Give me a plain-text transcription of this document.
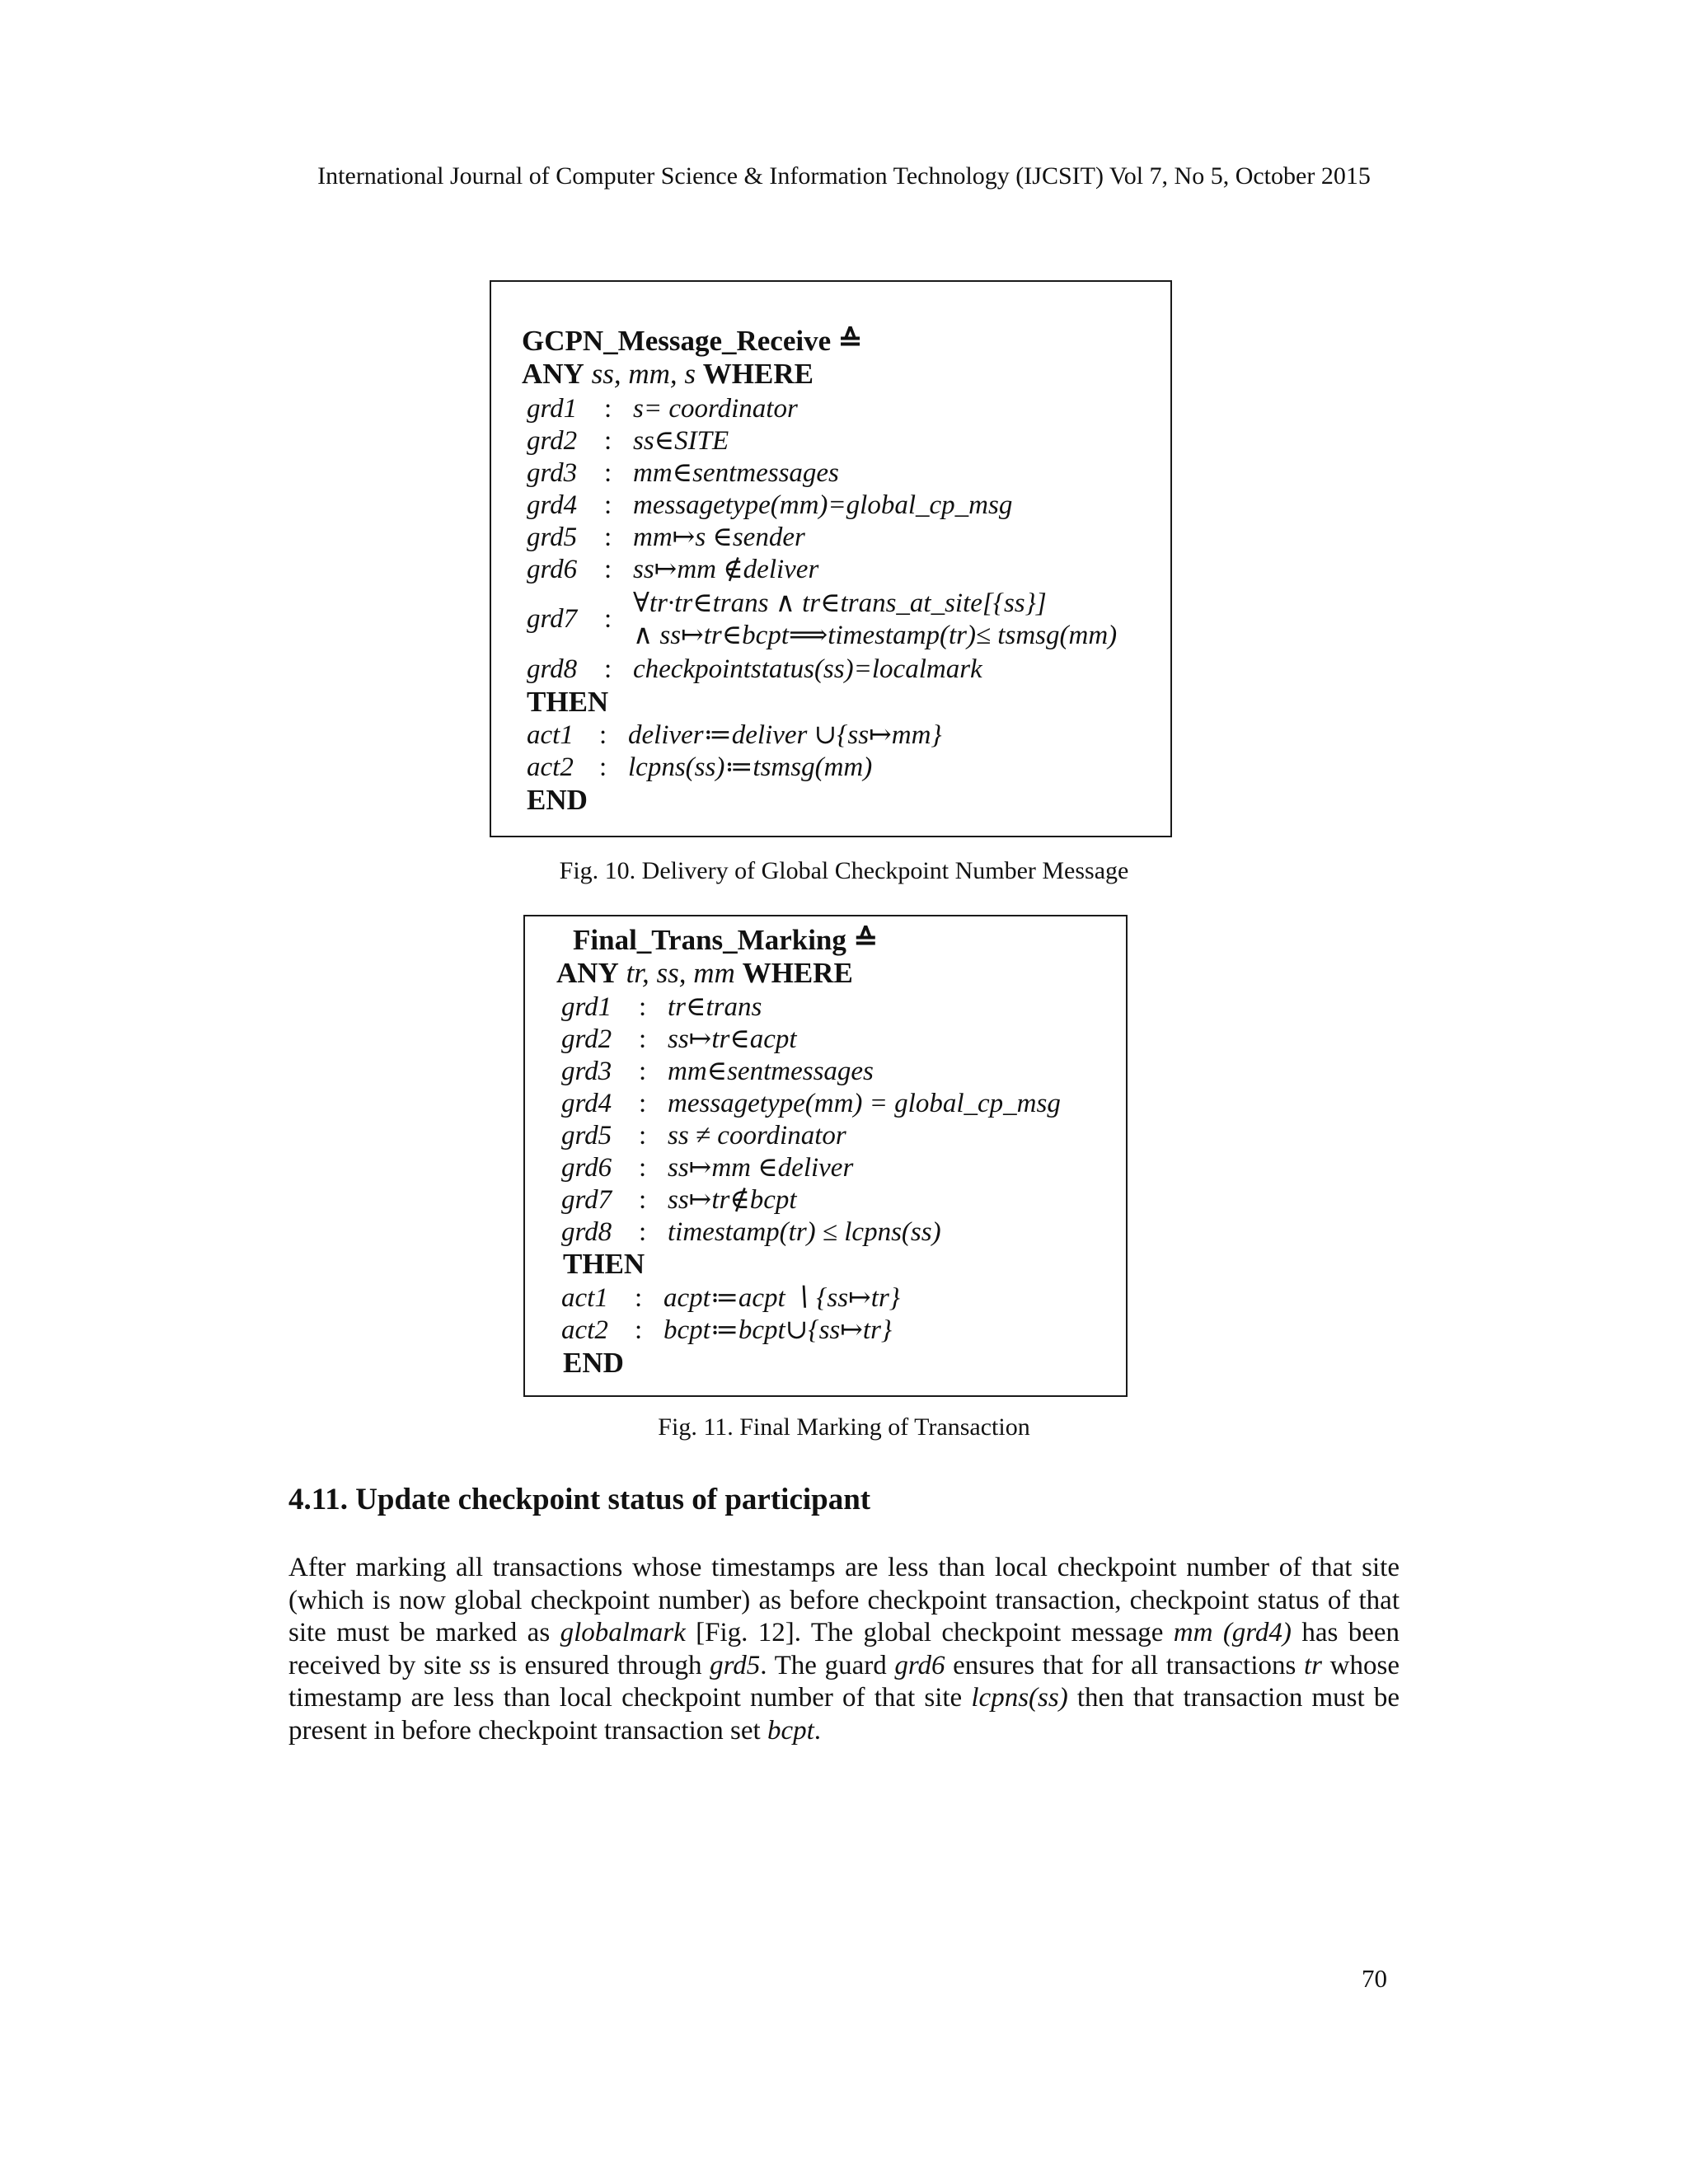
International Journal of Computer Science & Information Technology (IJCSIT) Vol 7, No 5, October 2015
GCPN_Message_Receive ≙
ANY ss, mm, s WHERE
grd1 : s= coordinator
grd2 : ss∈SITE
grd3 : mm∈sentmessages
grd4 : messagetype(mm)=global_cp_msg
grd5 : mm↦s ∈sender
grd6 : ss↦mm ∉deliver
grd7 :
∀tr·tr∈trans ∧ tr∈trans_at_site[{ss}]
∧ ss↦tr∈bcpt⟹timestamp(tr)≤ tsmsg(mm)
grd8 : checkpointstatus(ss)=localmark
THEN
act1 : deliver≔deliver ∪{ss↦mm}
act2 : lcpns(ss)≔tsmsg(mm)
END
Fig. 10. Delivery of Global Checkpoint Number Message
Final_Trans_Marking ≙
ANY tr, ss, mm WHERE
grd1 : tr∈trans
grd2 : ss↦tr∈acpt
grd3 : mm∈sentmessages
grd4 : messagetype(mm) = global_cp_msg
grd5 : ss ≠ coordinator
grd6 : ss↦mm ∈deliver
grd7 : ss↦tr∉bcpt
grd8 : timestamp(tr) ≤ lcpns(ss)
THEN
act1 : acpt≔acpt ∖ {ss↦tr}
act2 : bcpt≔bcpt∪{ss↦tr}
END
Fig. 11. Final Marking of Transaction
4.11. Update checkpoint status of participant
After marking all transactions whose timestamps are less than local checkpoint number of that site (which is now global checkpoint number) as before checkpoint transaction, checkpoint status of that site must be marked as globalmark [Fig. 12]. The global checkpoint message mm (grd4) has been received by site ss is ensured through grd5. The guard grd6 ensures that for all transactions tr whose timestamp are less than local checkpoint number of that site lcpns(ss) then that transaction must be present in before checkpoint transaction set bcpt.
70
